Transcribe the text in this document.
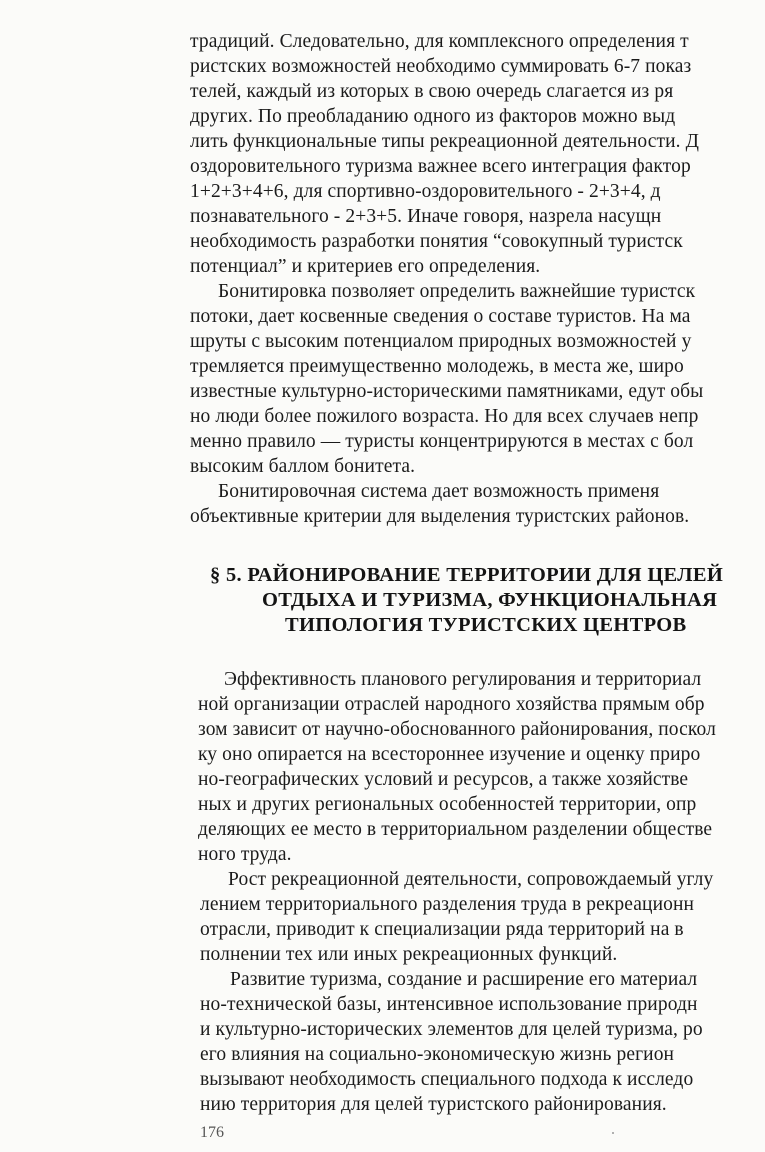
традиций. Следовательно, для комплексного определения т
ристских возможностей необходимо суммировать 6-7 показ
телей, каждый из которых в свою очередь слагается из ря
других. По преобладанию одного из факторов можно выд
лить функциональные типы рекреационной деятельности. Д
оздоровительного туризма важнее всего интеграция фактор
1+2+3+4+6, для спортивно-оздоровительного - 2+3+4, д
познавательного - 2+3+5. Иначе говоря, назрела насущн
необходимость разработки понятия “совокупный туристск
потенциал” и критериев его определения.
Бонитировка позволяет определить важнейшие туристск
потоки, дает косвенные сведения о составе туристов. На ма
шруты с высоким потенциалом природных возможностей у
тремляется преимущественно молодежь, в места же, широ
известные культурно-историческими памятниками, едут обы
но люди более пожилого возраста. Но для всех случаев непр
менно правило — туристы концентрируются в местах с бол
высоким баллом бонитета.
Бонитировочная система дает возможность применя
объективные критерии для выделения туристских районов.
§ 5. РАЙОНИРОВАНИЕ ТЕРРИТОРИИ ДЛЯ ЦЕЛЕЙ
ОТДЫХА И ТУРИЗМА, ФУНКЦИОНАЛЬНАЯ
ТИПОЛОГИЯ ТУРИСТСКИХ ЦЕНТРОВ
Эффективность планового регулирования и территориал
ной организации отраслей народного хозяйства прямым обр
зом зависит от научно-обоснованного районирования, поскол
ку оно опирается на всестороннее изучение и оценку приро
но-географических условий и ресурсов, а также хозяйстве
ных и других региональных особенностей территории, опр
деляющих ее место в территориальном разделении обществе
ного труда.
Рост рекреационной деятельности, сопровождаемый углу
лением территориального разделения труда в рекреационн
отрасли, приводит к специализации ряда территорий на в
полнении тех или иных рекреационных функций.
Развитие туризма, создание и расширение его материал
но-технической базы, интенсивное использование природн
и культурно-исторических элементов для целей туризма, ро
его влияния на социально-экономическую жизнь регион
вызывают необходимость специального подхода к исследо
нию территория для целей туристского районирования.
176
